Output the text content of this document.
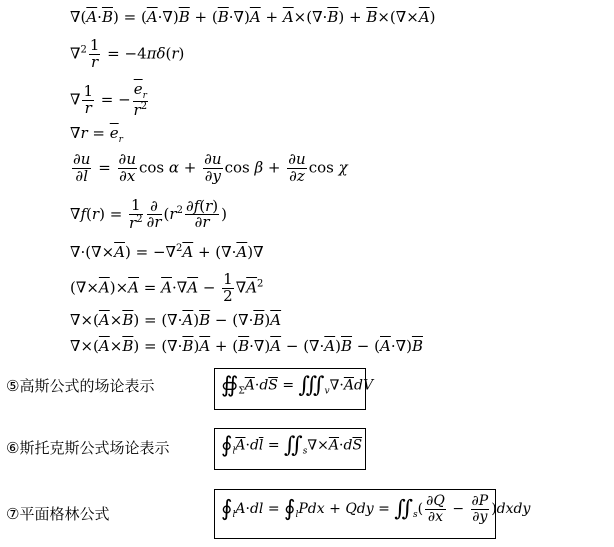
$\nabla(\overline{A}\cdot\overline{B}) = (\overline{A}\cdot\nabla)\overline{B} + (\overline{B}\cdot\nabla)\overline{A} + \overline{A}\times(\nabla\cdot\overline{B}) + \overline{B}\times(\nabla\times\overline{A})$
$\nabla^2 \frac{1}{r} = -4\pi\delta(r)$
∇ $\frac{1}{r}$ = − $\frac{\overline{e}_r}{r^2}$
$\nabla r = \overline{e}_r$
$\frac{\partial u}{\partial l} = \frac{\partial u}{\partial x}$ $\cos \alpha + \frac{\partial u}{\partial y}$ $\cos \beta + \frac{\partial u}{\partial z}$ cos χ
$\nabla f(r) = \frac{1}{r^2} \frac{\partial}{\partial r} (r^2 \frac{\partial f(r)}{\partial r}$ )
$\nabla\cdot(\nabla\times\overline{A}) = -\nabla^2\overline{A} + (\nabla\cdot\overline{A})\nabla$
$(\nabla\times\overline{A})\times\overline{A} = \overline{A}\cdot\nabla\overline{A} - \frac{1}{2} \nabla\overline{A}^2$
$\nabla\times(\overline{A}\times\overline{B}) = (\nabla\cdot\overline{A})\overline{B} - (\nabla\cdot\overline{B})\overline{A}$
$\nabla\times(\overline{A}\times\overline{B}) = (\nabla\cdot\overline{B})\overline{A} + (\overline{B}\cdot\nabla)\overline{A} - (\nabla\cdot\overline{A})\overline{B} - (\overline{A}\cdot\nabla)\overline{B}$
⑤高斯公式的场论表示	$∯_\Sigma\overline{A}\cdot d\overline{S}$ = $∭_v\nabla\cdot\overline{A}dV$
⑥斯托克斯公式场论表示	$∮_l\overline{A}\cdot d\overline{l}$ = $∬_s\nabla\times\overline{A}\cdot d\overline{S}$
⑦平面格林公式	$∮_lA\cdot dl$ = $∮_lPdx$ + Qdy = $∬_s( \frac{\partial Q}{\partial x} - \frac{\partial P}{\partial y}$ )dxdy
